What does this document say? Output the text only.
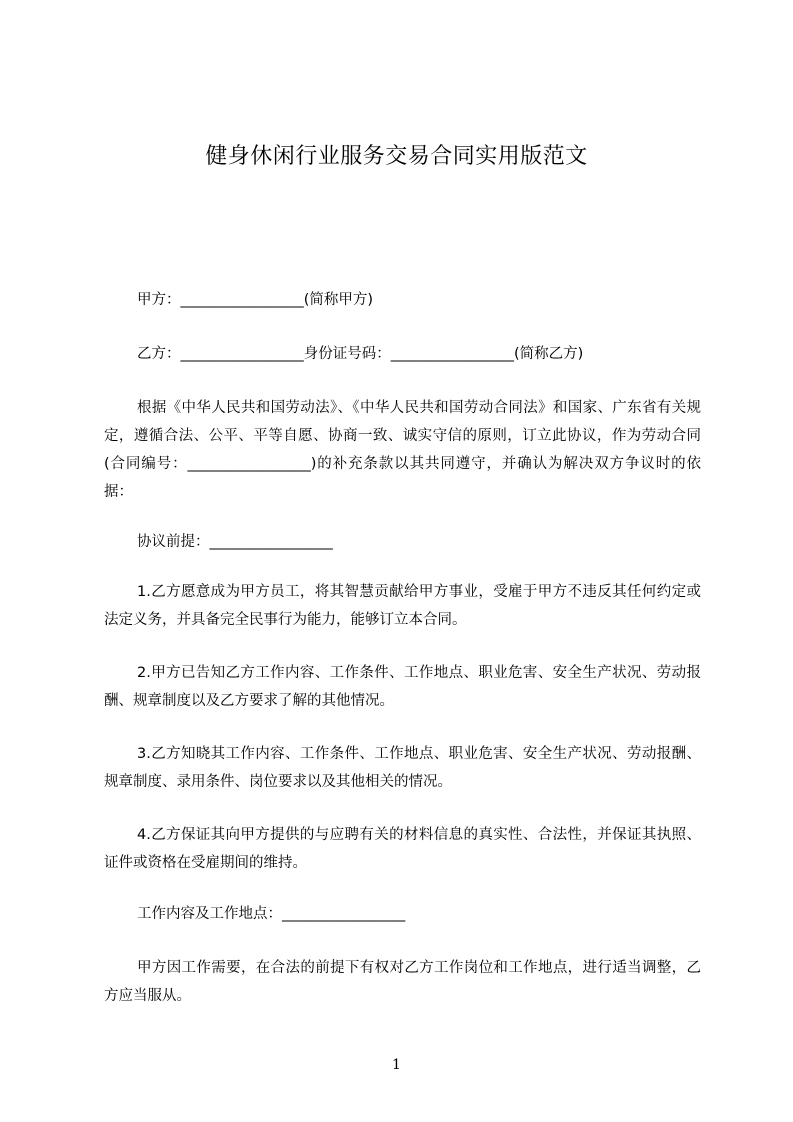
健身休闲行业服务交易合同实用版范文
甲方：_________________(简称甲方)
乙方：_________________身份证号码：_________________(简称乙方)
根据《中华人民共和国劳动法》、《中华人民共和国劳动合同法》和国家、广东省有关规定，遵循合法、公平、平等自愿、协商一致、诚实守信的原则，订立此协议，作为劳动合同(合同编号：_________________)的补充条款以其共同遵守，并确认为解决双方争议时的依据：
协议前提：_________________
1.乙方愿意成为甲方员工，将其智慧贡献给甲方事业，受雇于甲方不违反其任何约定或法定义务，并具备完全民事行为能力，能够订立本合同。
2.甲方已告知乙方工作内容、工作条件、工作地点、职业危害、安全生产状况、劳动报酬、规章制度以及乙方要求了解的其他情况。
3.乙方知晓其工作内容、工作条件、工作地点、职业危害、安全生产状况、劳动报酬、规章制度、录用条件、岗位要求以及其他相关的情况。
4.乙方保证其向甲方提供的与应聘有关的材料信息的真实性、合法性，并保证其执照、证件或资格在受雇期间的维持。
工作内容及工作地点：_________________
甲方因工作需要，在合法的前提下有权对乙方工作岗位和工作地点，进行适当调整，乙方应当服从。
1
